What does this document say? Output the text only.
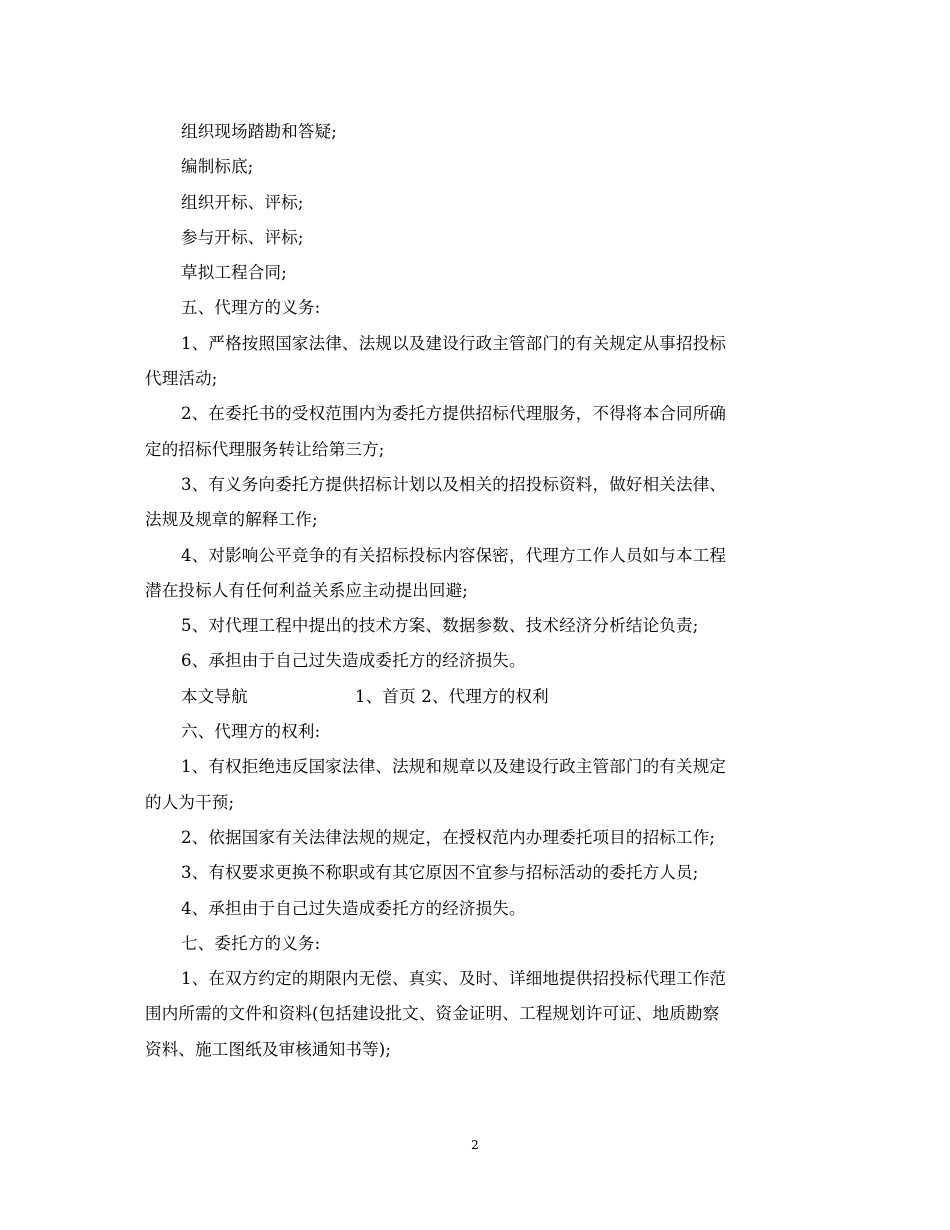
组织现场踏勘和答疑;
编制标底;
组织开标、评标;
参与开标、评标;
草拟工程合同;
五、代理方的义务:
1、严格按照国家法律、法规以及建设行政主管部门的有关规定从事招投标
代理活动;
2、在委托书的受权范围内为委托方提供招标代理服务，不得将本合同所确
定的招标代理服务转让给第三方;
3、有义务向委托方提供招标计划以及相关的招投标资料，做好相关法律、
法规及规章的解释工作;
4、对影响公平竞争的有关招标投标内容保密，代理方工作人员如与本工程
潜在投标人有任何利益关系应主动提出回避;
5、对代理工程中提出的技术方案、数据参数、技术经济分析结论负责;
6、承担由于自己过失造成委托方的经济损失。
本文导航	1、首页 2、代理方的权利
六、代理方的权利:
1、有权拒绝违反国家法律、法规和规章以及建设行政主管部门的有关规定
的人为干预;
2、依据国家有关法律法规的规定，在授权范内办理委托项目的招标工作;
3、有权要求更换不称职或有其它原因不宜参与招标活动的委托方人员;
4、承担由于自己过失造成委托方的经济损失。
七、委托方的义务:
1、在双方约定的期限内无偿、真实、及时、详细地提供招投标代理工作范
围内所需的文件和资料(包括建设批文、资金证明、工程规划许可证、地质勘察
资料、施工图纸及审核通知书等);
2
